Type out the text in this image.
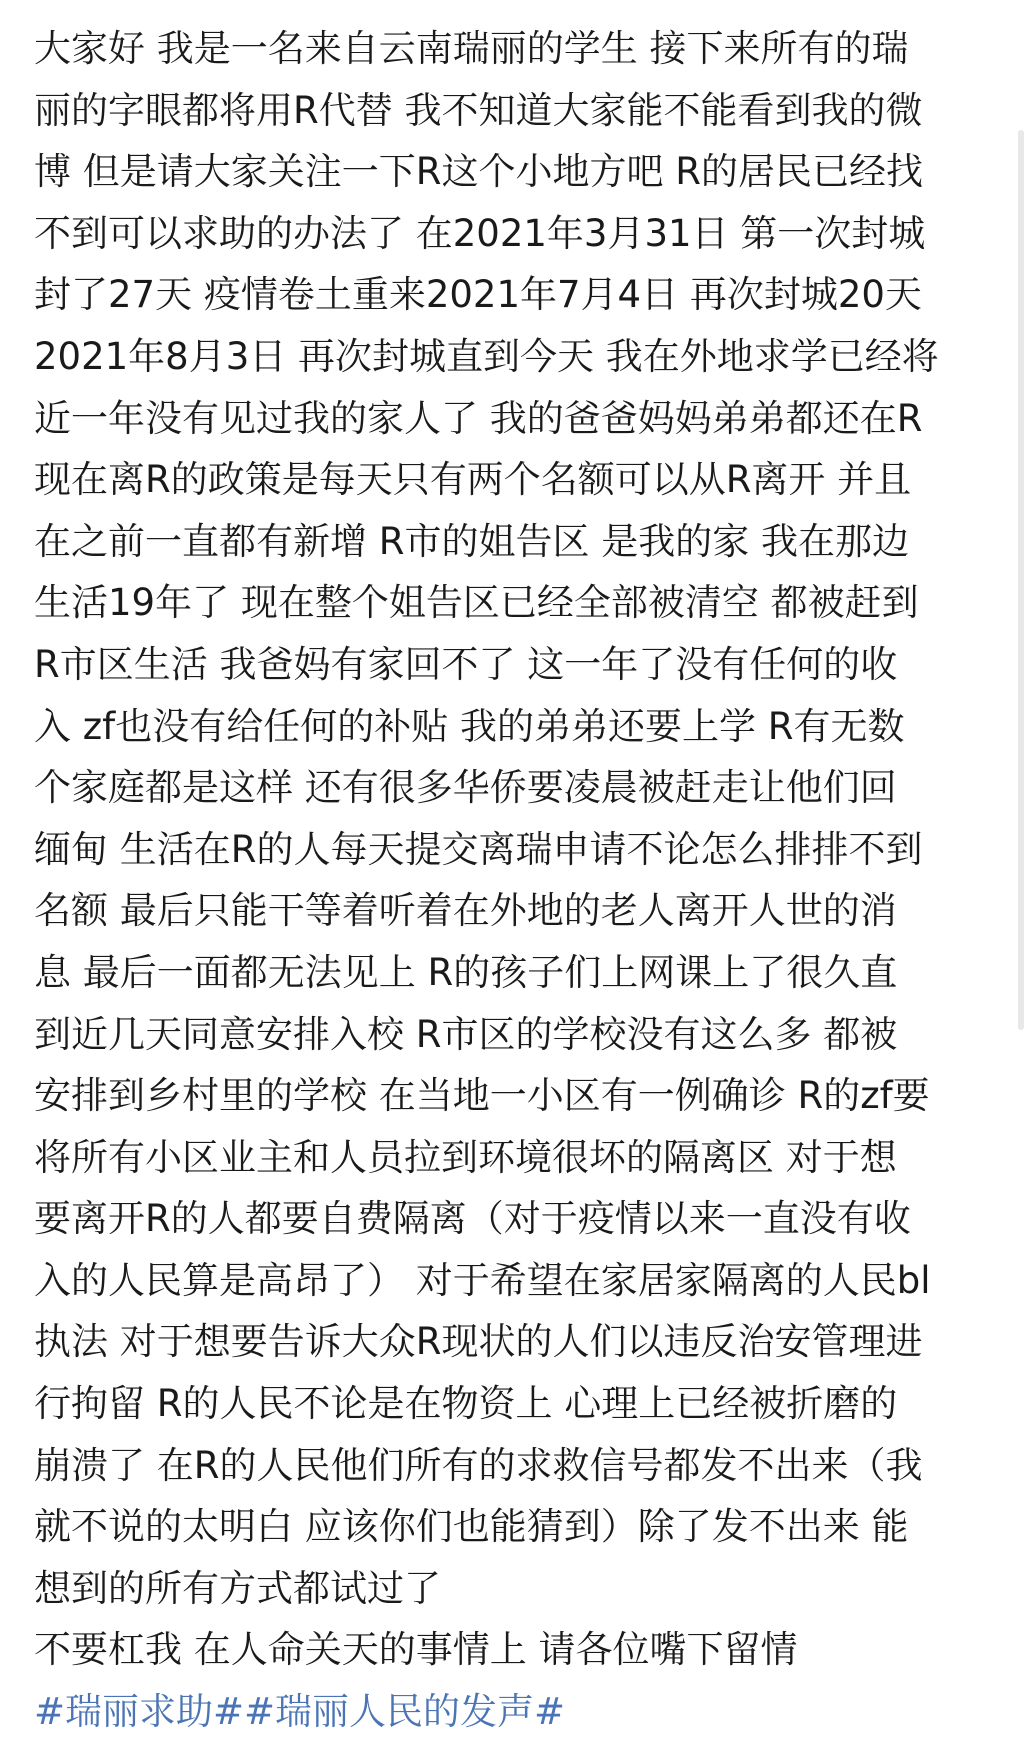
大家好 我是一名来自云南瑞丽的学生 接下来所有的瑞
丽的字眼都将用R代替 我不知道大家能不能看到我的微
博 但是请大家关注一下R这个小地方吧 R的居民已经找
不到可以求助的办法了 在2021年3月31日 第一次封城
封了27天 疫情卷土重来2021年7月4日 再次封城20天
2021年8月3日 再次封城直到今天 我在外地求学已经将
近一年没有见过我的家人了 我的爸爸妈妈弟弟都还在R
现在离R的政策是每天只有两个名额可以从R离开 并且
在之前一直都有新增 R市的姐告区 是我的家 我在那边
生活19年了 现在整个姐告区已经全部被清空 都被赶到
R市区生活 我爸妈有家回不了 这一年了没有任何的收
入 zf也没有给任何的补贴 我的弟弟还要上学 R有无数
个家庭都是这样 还有很多华侨要凌晨被赶走让他们回
缅甸 生活在R的人每天提交离瑞申请不论怎么排排不到
名额 最后只能干等着听着在外地的老人离开人世的消
息 最后一面都无法见上 R的孩子们上网课上了很久直
到近几天同意安排入校 R市区的学校没有这么多 都被
安排到乡村里的学校 在当地一小区有一例确诊 R的zf要
将所有小区业主和人员拉到环境很坏的隔离区 对于想
要离开R的人都要自费隔离（对于疫情以来一直没有收
入的人民算是高昂了） 对于希望在家居家隔离的人民bl
执法 对于想要告诉大众R现状的人们以违反治安管理进
行拘留 R的人民不论是在物资上 心理上已经被折磨的
崩溃了 在R的人民他们所有的求救信号都发不出来（我
就不说的太明白 应该你们也能猜到）除了发不出来 能
想到的所有方式都试过了
不要杠我 在人命关天的事情上 请各位嘴下留情
#瑞丽求助##瑞丽人民的发声#
